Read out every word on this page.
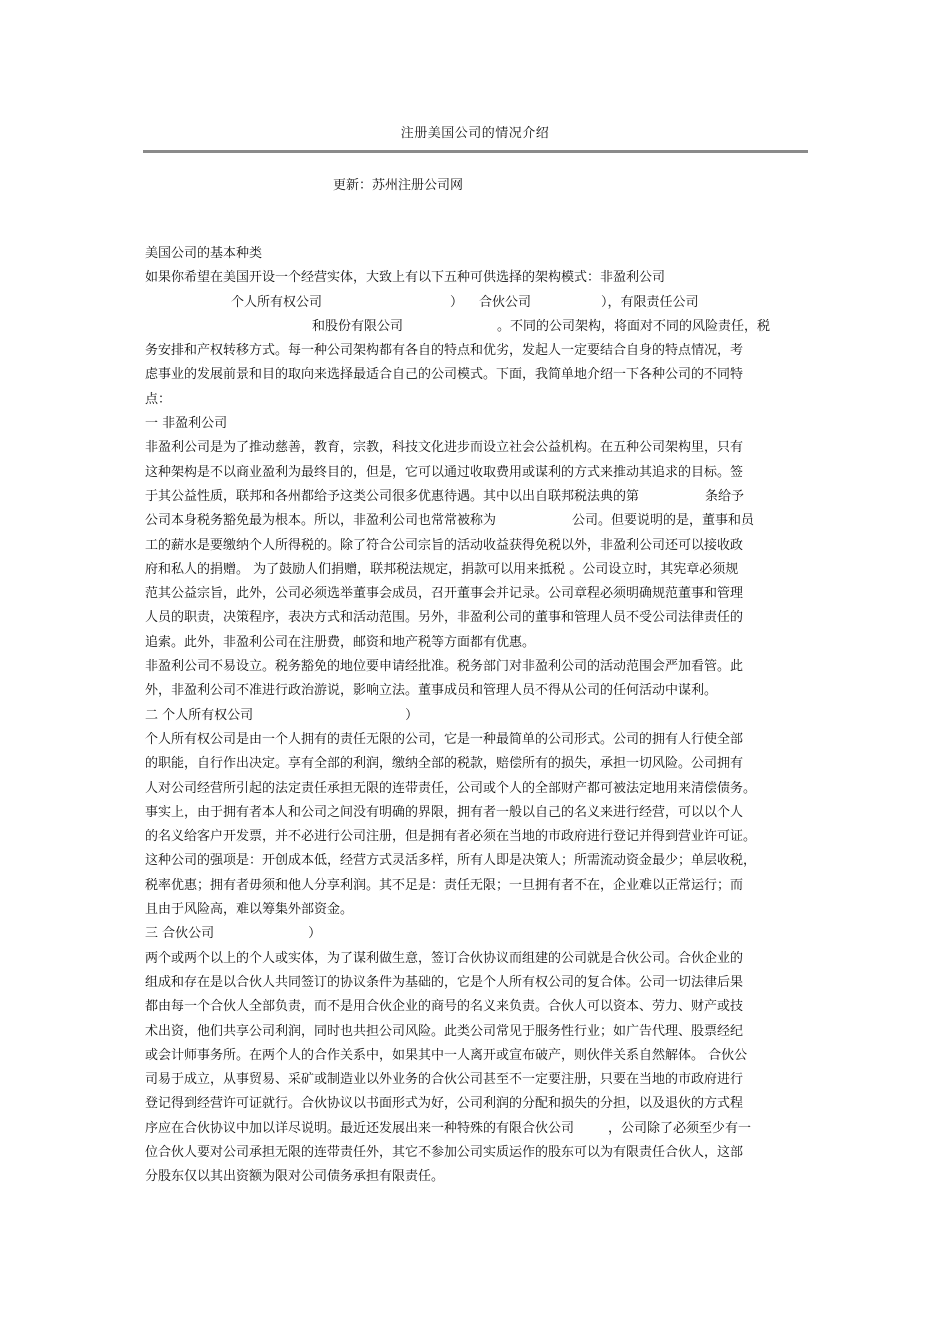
注册美国公司的情况介绍
更新：苏州注册公司网
美国公司的基本种类
如果你希望在美国开设一个经营实体，大致上有以下五种可供选择的架构模式：非盈利公司
个人所有权公司	） 合伙公司	），有限责任公司
和股份有限公司	。不同的公司架构，将面对不同的风险责任，税
务安排和产权转移方式。每一种公司架构都有各自的特点和优劣，发起人一定要结合自身的特点情况，考
虑事业的发展前景和目的取向来选择最适合自己的公司模式。下面，我简单地介绍一下各种公司的不同特
点：
一 非盈利公司
非盈利公司是为了推动慈善，教育，宗教，科技文化进步而设立社会公益机构。在五种公司架构里，只有
这种架构是不以商业盈利为最终目的，但是，它可以通过收取费用或谋利的方式来推动其追求的目标。签
于其公益性质，联邦和各州都给予这类公司很多优惠待遇。其中以出自联邦税法典的第	条给予
公司本身税务豁免最为根本。所以，非盈利公司也常常被称为	公司。但要说明的是，董事和员
工的薪水是要缴纳个人所得税的。除了符合公司宗旨的活动收益获得免税以外，非盈利公司还可以接收政
府和私人的捐赠。 为了鼓励人们捐赠，联邦税法规定，捐款可以用来抵税 。公司设立时，其宪章必须规
范其公益宗旨，此外，公司必须选举董事会成员，召开董事会并记录。公司章程必须明确规范董事和管理
人员的职责，决策程序，表决方式和活动范围。另外，非盈利公司的董事和管理人员不受公司法律责任的
追索。此外，非盈利公司在注册费，邮资和地产税等方面都有优惠。
非盈利公司不易设立。税务豁免的地位要申请经批准。税务部门对非盈利公司的活动范围会严加看管。此
外，非盈利公司不准进行政治游说，影响立法。董事成员和管理人员不得从公司的任何活动中谋利。
二 个人所有权公司	）
个人所有权公司是由一个人拥有的责任无限的公司，它是一种最简单的公司形式。公司的拥有人行使全部
的职能，自行作出决定。享有全部的利润，缴纳全部的税款，赔偿所有的损失，承担一切风险。公司拥有
人对公司经营所引起的法定责任承担无限的连带责任，公司或个人的全部财产都可被法定地用来清偿债务。
事实上，由于拥有者本人和公司之间没有明确的界限，拥有者一般以自己的名义来进行经营，可以以个人
的名义给客户开发票，并不必进行公司注册，但是拥有者必须在当地的市政府进行登记并得到营业许可证。
这种公司的强项是：开创成本低，经营方式灵活多样，所有人即是决策人；所需流动资金最少；单层收税，
税率优惠；拥有者毋须和他人分享利润。其不足是：责任无限；一旦拥有者不在，企业难以正常运行；而
且由于风险高，难以筹集外部资金。
三 合伙公司	）
两个或两个以上的个人或实体，为了谋利做生意，签订合伙协议而组建的公司就是合伙公司。合伙企业的
组成和存在是以合伙人共同签订的协议条件为基础的，它是个人所有权公司的复合体。公司一切法律后果
都由每一个合伙人全部负责，而不是用合伙企业的商号的名义来负责。合伙人可以资本、劳力、财产或技
术出资，他们共享公司利润，同时也共担公司风险。此类公司常见于服务性行业；如广告代理、股票经纪
或会计师事务所。在两个人的合作关系中，如果其中一人离开或宣布破产，则伙伴关系自然解体。 合伙公
司易于成立，从事贸易、采矿或制造业以外业务的合伙公司甚至不一定要注册，只要在当地的市政府进行
登记得到经营许可证就行。合伙协议以书面形式为好，公司利润的分配和损失的分担，以及退伙的方式程
序应在合伙协议中加以详尽说明。最近还发展出来一种特殊的有限合伙公司	，公司除了必须至少有一
位合伙人要对公司承担无限的连带责任外，其它不参加公司实质运作的股东可以为有限责任合伙人，这部
分股东仅以其出资额为限对公司债务承担有限责任。
